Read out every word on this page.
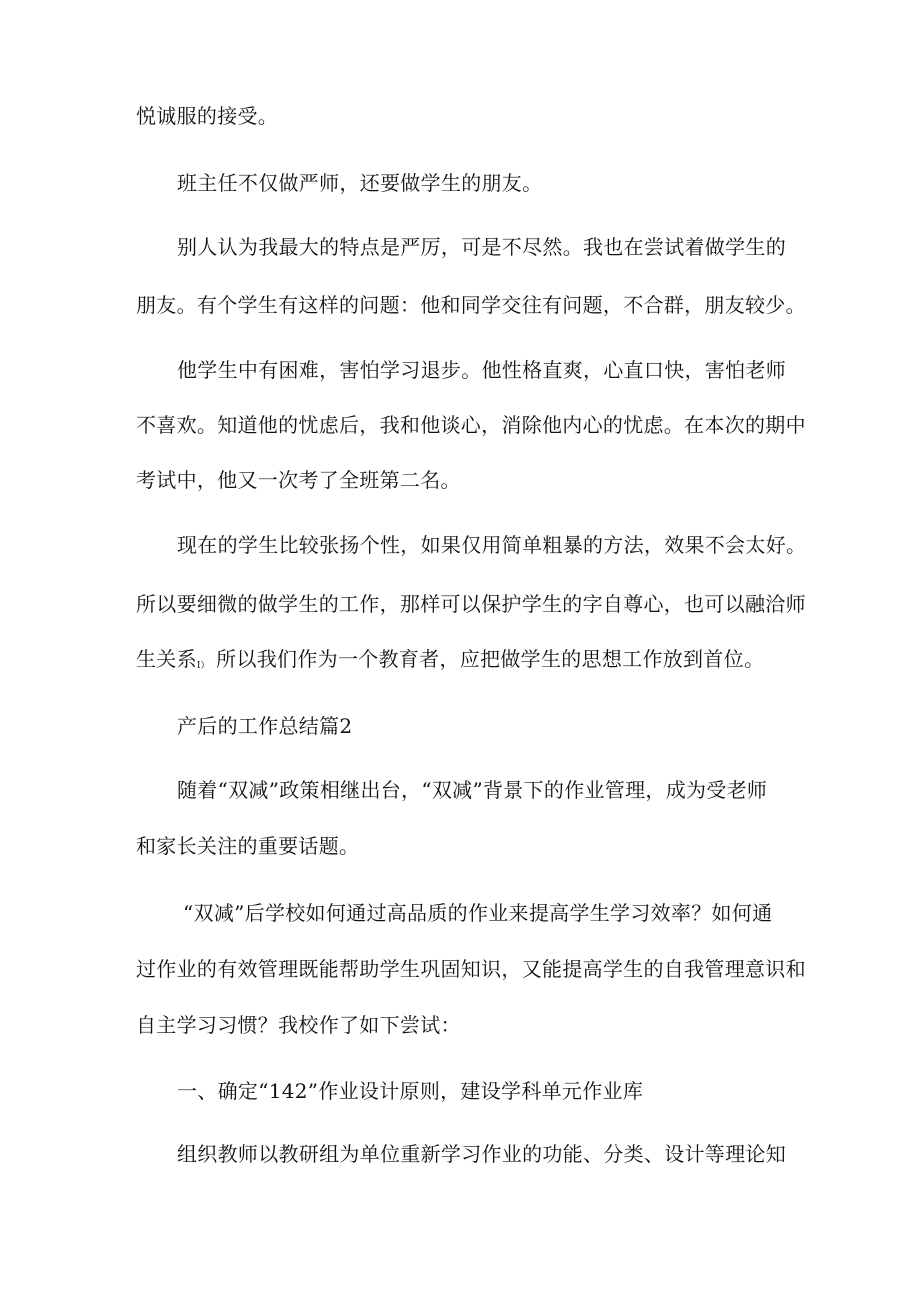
悦诚服的接受。
班主任不仅做严师，还要做学生的朋友。
别人认为我最大的特点是严厉，可是不尽然。我也在尝试着做学生的
朋友。有个学生有这样的问题：他和同学交往有问题，不合群，朋友较少。
他学生中有困难，害怕学习退步。他性格直爽，心直口快，害怕老师
不喜欢。知道他的忧虑后，我和他谈心，消除他内心的忧虑。在本次的期中
考试中，他又一次考了全班第二名。
现在的学生比较张扬个性，如果仅用简单粗暴的方法，效果不会太好。
所以要细微的做学生的工作，那样可以保护学生的字自尊心，也可以融洽师
生关系$_{I)}$ 所以我们作为一个教育者，应把做学生的思想工作放到首位。
产后的工作总结篇2
随着“双减”政策相继出台，“双减”背景下的作业管理，成为受老师
和家长关注的重要话题。
“双减”后学校如何通过高品质的作业来提高学生学习效率？如何通
过作业的有效管理既能帮助学生巩固知识，又能提高学生的自我管理意识和
自主学习习惯？我校作了如下尝试：
一、确定“142”作业设计原则，建设学科单元作业库
组织教师以教研组为单位重新学习作业的功能、分类、设计等理论知
